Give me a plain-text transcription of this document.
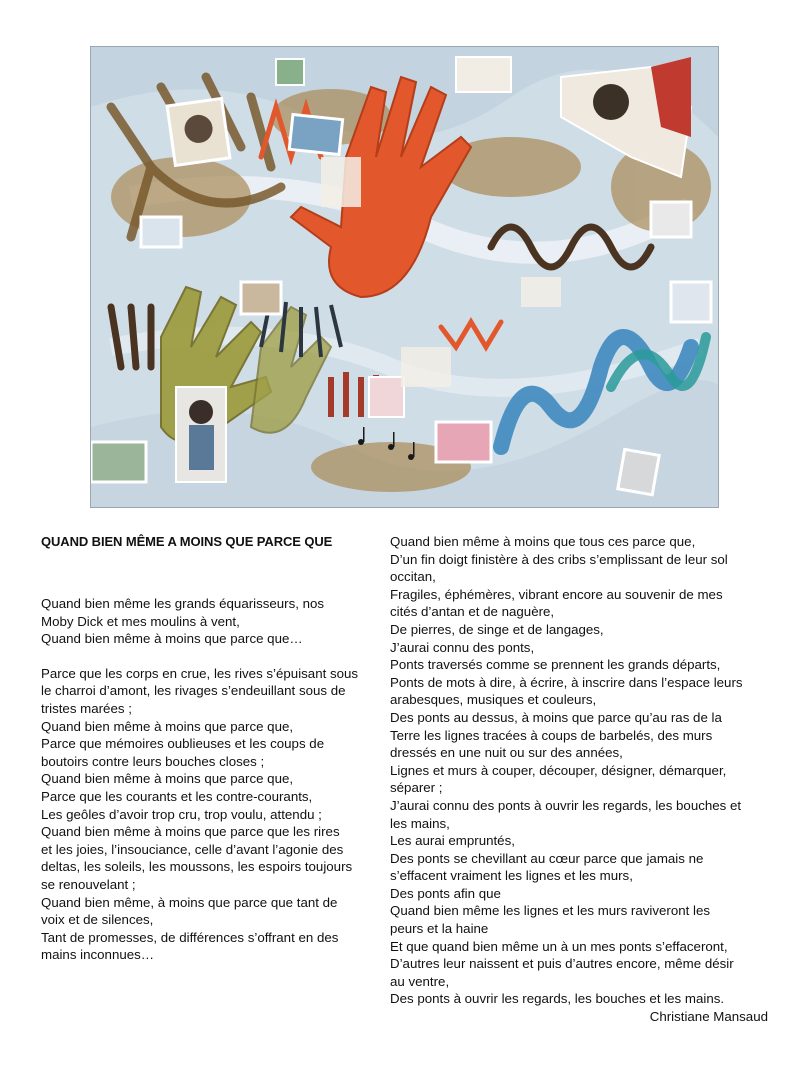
QUAND BIEN MÊME A MOINS QUE PARCE QUE
Quand bien même les grands équarisseurs, nos
Moby Dick et mes moulins à vent,
Quand bien même à moins que parce que…
Parce que les corps en crue, les rives s’épuisant sous
le charroi d’amont, les rivages s’endeuillant sous de
tristes marées ;
Quand bien même à moins que parce que,
Parce que mémoires oublieuses et les coups de
boutoirs contre leurs bouches closes ;
Quand bien même à moins que parce que,
Parce que les courants et les contre-courants,
Les geôles d’avoir trop cru, trop voulu, attendu ;
Quand bien même à moins que parce que les rires
et les joies, l’insouciance, celle d’avant l’agonie des
deltas, les soleils, les moussons, les espoirs toujours
se renouvelant ;
Quand bien même, à moins que parce que tant de
voix et de silences,
Tant de promesses, de différences s’offrant en des
mains inconnues…
Quand bien même à moins que tous ces parce que,
D’un fin doigt finistère à des cribs s’emplissant de leur sol
occitan,
Fragiles, éphémères, vibrant encore au souvenir de mes
cités d’antan et de naguère,
De pierres, de singe et de langages,
J’aurai connu des ponts,
Ponts traversés comme se prennent les grands départs,
Ponts de mots à dire, à écrire, à inscrire dans l’espace leurs
arabesques, musiques et couleurs,
Des ponts au dessus, à moins que parce qu’au ras de la
Terre les lignes tracées à coups de barbelés, des murs
dressés en une nuit ou sur des années,
Lignes et murs à couper, découper, désigner, démarquer,
séparer ;
J’aurai connu des ponts à ouvrir les regards, les bouches et
les mains,
Les aurai empruntés,
Des ponts se chevillant au cœur parce que jamais ne
s’effacent vraiment les lignes et les murs,
Des ponts afin que
Quand bien même les lignes et les murs raviveront les
peurs et la haine
Et que quand bien même un à un mes ponts s’effaceront,
D’autres leur naissent et puis d’autres encore, même désir
au ventre,
Des ponts à ouvrir les regards, les bouches et les mains.
Christiane Mansaud
